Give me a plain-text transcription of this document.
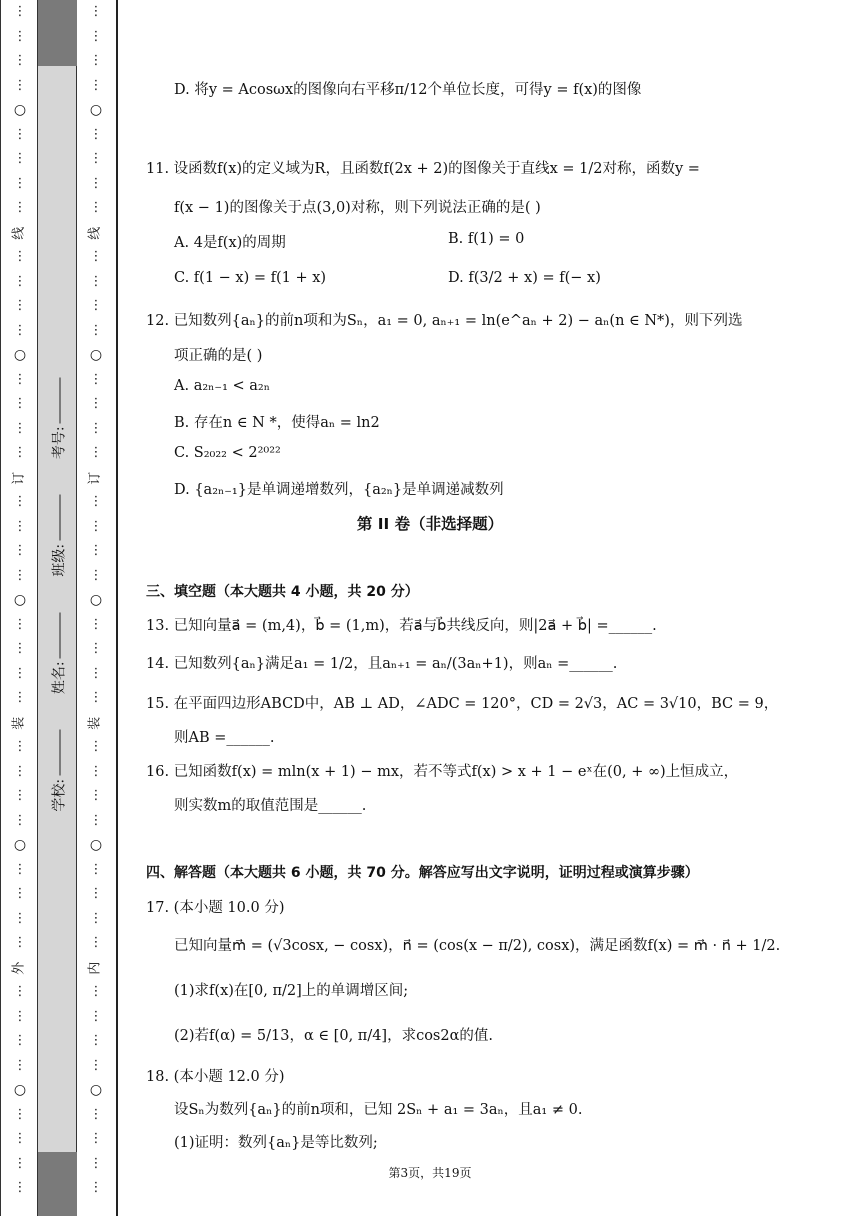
⋮
⋮
⋮
⋮
○
⋮
⋮
⋮
⋮
线
⋮
⋮
⋮
⋮
○
⋮
⋮
⋮
⋮
订
⋮
⋮
⋮
⋮
○
⋮
⋮
⋮
⋮
装
⋮
⋮
⋮
⋮
○
⋮
⋮
⋮
⋮
外
⋮
⋮
⋮
⋮
○
⋮
⋮
⋮
⋮
学校:
姓名:
班级:
考号:
⋮
⋮
⋮
⋮
○
⋮
⋮
⋮
⋮
线
⋮
⋮
⋮
⋮
○
⋮
⋮
⋮
⋮
订
⋮
⋮
⋮
⋮
○
⋮
⋮
⋮
⋮
装
⋮
⋮
⋮
⋮
○
⋮
⋮
⋮
⋮
内
⋮
⋮
⋮
⋮
○
⋮
⋮
⋮
⋮
D. 将y = Acosωx的图像向右平移π/12个单位长度，可得y = f(x)的图像
11. 设函数f(x)的定义域为R，且函数f(2x + 2)的图像关于直线x = 1/2对称，函数y =
f(x − 1)的图像关于点(3,0)对称，则下列说法正确的是( )
A. 4是f(x)的周期	B. f(1) = 0
C. f(1 − x) = f(1 + x)	D. f(3/2 + x) = f(− x)
12. 已知数列{aₙ}的前n项和为Sₙ，a₁ = 0, aₙ₊₁ = ln(e^aₙ + 2) − aₙ(n ∈ N*)，则下列选
项正确的是( )
A. a₂ₙ₋₁ < a₂ₙ
B. 存在n ∈ N *，使得aₙ = ln2
C. S₂₀₂₂ < 2²⁰²²
D. {a₂ₙ₋₁}是单调递增数列，{a₂ₙ}是单调递减数列
第 II 卷（非选择题）
三、填空题（本大题共 4 小题，共 20 分）
13. 已知向量a⃗ = (m,4)，b⃗ = (1,m)，若a⃗与b⃗共线反向，则|2a⃗ + b⃗| =______.
14. 已知数列{aₙ}满足a₁ = 1/2，且aₙ₊₁ = aₙ/(3aₙ+1)，则aₙ =______.
15. 在平面四边形ABCD中，AB ⊥ AD，∠ADC = 120°，CD = 2√3，AC = 3√10，BC = 9，
则AB =______.
16. 已知函数f(x) = mln(x + 1) − mx，若不等式f(x) > x + 1 − eˣ在(0, + ∞)上恒成立，
则实数m的取值范围是______.
四、解答题（本大题共 6 小题，共 70 分。解答应写出文字说明，证明过程或演算步骤）
17. (本小题 10.0 分)
已知向量m⃗ = (√3cosx, − cosx)，n⃗ = (cos(x − π/2), cosx)，满足函数f(x) = m⃗ · n⃗ + 1/2.
(1)求f(x)在[0, π/2]上的单调增区间;
(2)若f(α) = 5/13，α ∈ [0, π/4]，求cos2α的值.
18. (本小题 12.0 分)
设Sₙ为数列{aₙ}的前n项和，已知 2Sₙ + a₁ = 3aₙ，且a₁ ≠ 0.
(1)证明：数列{aₙ}是等比数列;
第3页，共19页
